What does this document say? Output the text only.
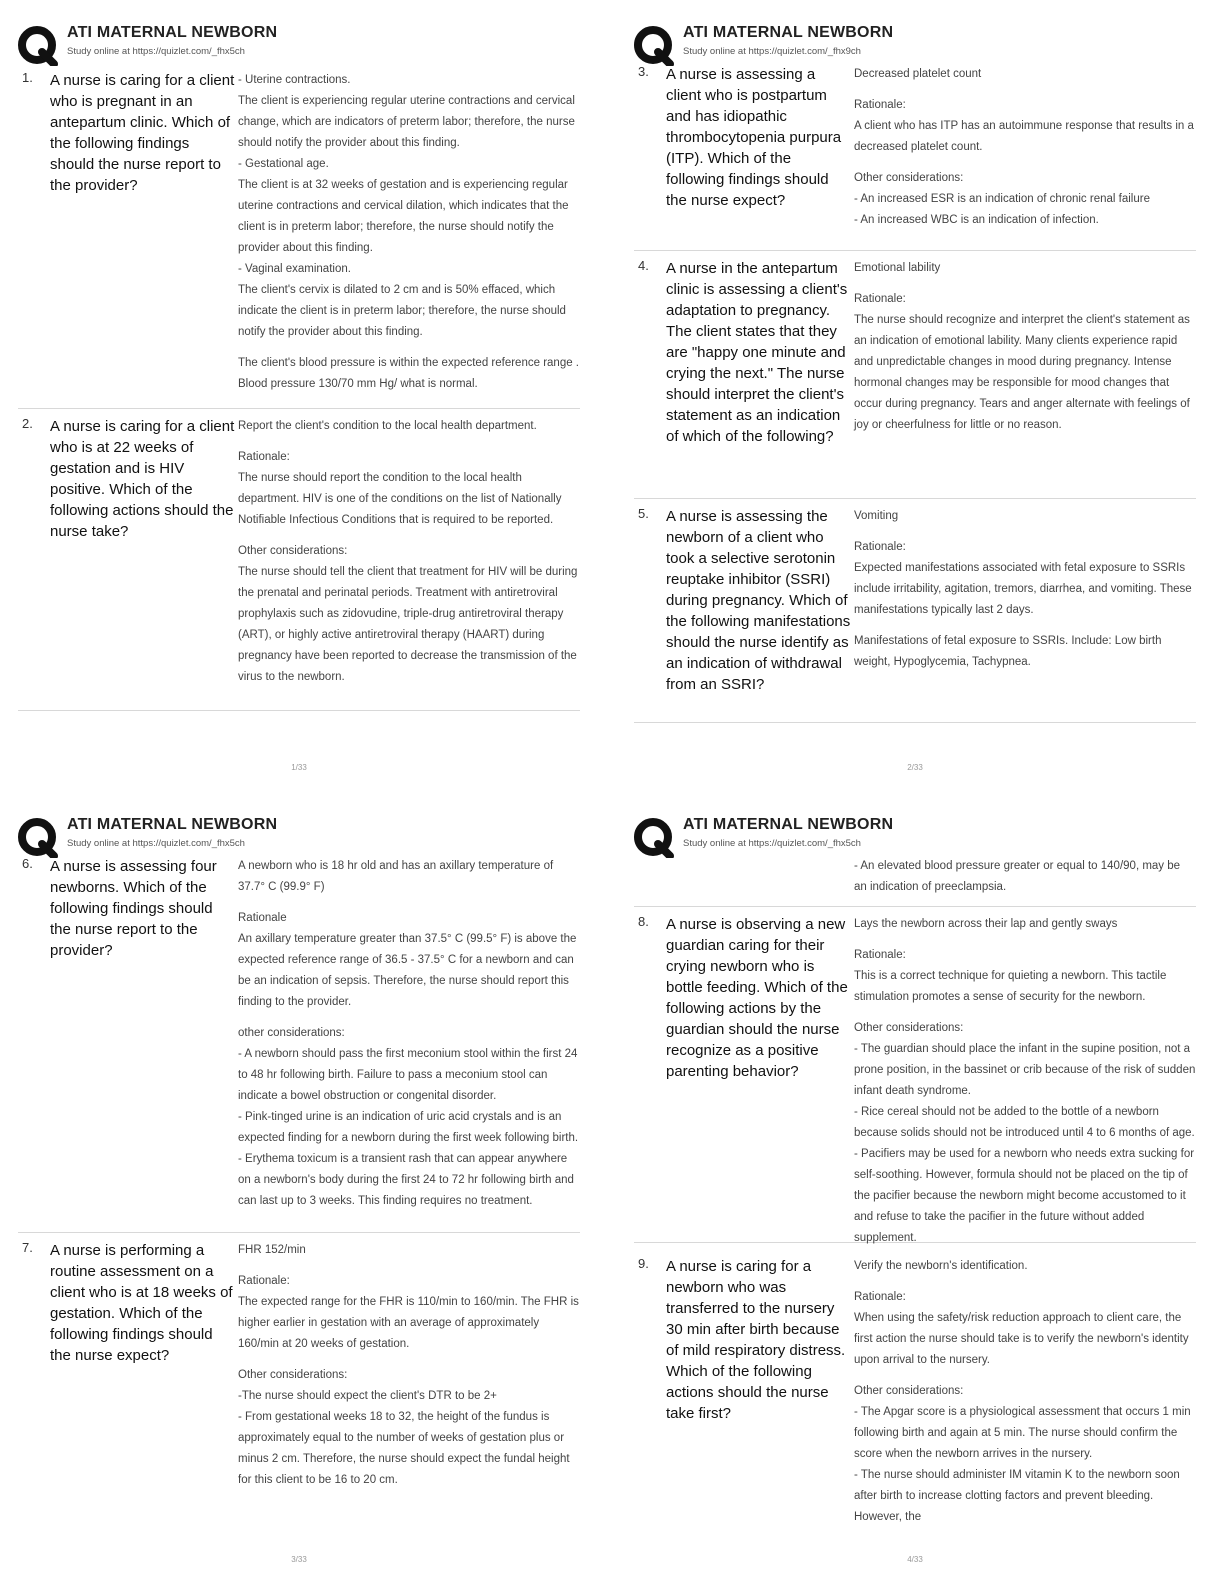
ATI MATERNAL NEWBORN
Study online at https://quizlet.com/_fhx5ch
1. A nurse is caring for a client who is pregnant in an antepartum clinic. Which of the following findings should the nurse report to the provider?
- Uterine contractions.
The client is experiencing regular uterine contractions and cervical change, which are indicators of preterm labor; therefore, the nurse should notify the provider about this finding.
- Gestational age.
The client is at 32 weeks of gestation and is experiencing regular uterine contractions and cervical dilation, which indicates that the client is in preterm labor; therefore, the nurse should notify the provider about this finding.
- Vaginal examination.
The client's cervix is dilated to 2 cm and is 50% effaced, which indicate the client is in preterm labor; therefore, the nurse should notify the provider about this finding.
The client's blood pressure is within the expected reference range . Blood pressure 130/70 mm Hg/ what is normal.
2. A nurse is caring for a client who is at 22 weeks of gestation and is HIV positive. Which of the following actions should the nurse take?
Report the client's condition to the local health department.
Rationale:
The nurse should report the condition to the local health department. HIV is one of the conditions on the list of Nationally Notifiable Infectious Conditions that is required to be reported.
Other considerations:
The nurse should tell the client that treatment for HIV will be during the prenatal and perinatal periods. Treatment with antiretroviral prophylaxis such as zidovudine, triple-drug antiretroviral therapy (ART), or highly active antiretroviral therapy (HAART) during pregnancy have been reported to decrease the transmission of the virus to the newborn.
1/33
ATI MATERNAL NEWBORN
Study online at https://quizlet.com/_fhx9ch
3. A nurse is assessing a client who is postpartum and has idiopathic thrombocytopenia purpura (ITP). Which of the following findings should the nurse expect?
Decreased platelet count
Rationale:
A client who has ITP has an autoimmune response that results in a decreased platelet count.
Other considerations:
- An increased ESR is an indication of chronic renal failure
- An increased WBC is an indication of infection.
4. A nurse in the antepartum clinic is assessing a client's adaptation to pregnancy. The client states that they are "happy one minute and crying the next." The nurse should interpret the client's statement as an indication of which of the following?
Emotional lability
Rationale:
The nurse should recognize and interpret the client's statement as an indication of emotional lability. Many clients experience rapid and unpredictable changes in mood during pregnancy. Intense hormonal changes may be responsible for mood changes that occur during pregnancy. Tears and anger alternate with feelings of joy or cheerfulness for little or no reason.
5. A nurse is assessing the newborn of a client who took a selective serotonin reuptake inhibitor (SSRI) during pregnancy. Which of the following manifestations should the nurse identify as an indication of withdrawal from an SSRI?
Vomiting
Rationale:
Expected manifestations associated with fetal exposure to SSRIs include irritability, agitation, tremors, diarrhea, and vomiting. These manifestations typically last 2 days.
Manifestations of fetal exposure to SSRIs. Include: Low birth weight, Hypoglycemia, Tachypnea.
2/33
ATI MATERNAL NEWBORN
Study online at https://quizlet.com/_fhx5ch
6. A nurse is assessing four newborns. Which of the following findings should the nurse report to the provider?
A newborn who is 18 hr old and has an axillary temperature of 37.7° C (99.9° F)
Rationale
An axillary temperature greater than 37.5° C (99.5° F) is above the expected reference range of 36.5 - 37.5° C for a newborn and can be an indication of sepsis. Therefore, the nurse should report this finding to the provider.
other considerations:
- A newborn should pass the first meconium stool within the first 24 to 48 hr following birth. Failure to pass a meconium stool can indicate a bowel obstruction or congenital disorder.
- Pink-tinged urine is an indication of uric acid crystals and is an expected finding for a newborn during the first week following birth.
- Erythema toxicum is a transient rash that can appear anywhere on a newborn's body during the first 24 to 72 hr following birth and can last up to 3 weeks. This finding requires no treatment.
7. A nurse is performing a routine assessment on a client who is at 18 weeks of gestation. Which of the following findings should the nurse expect?
FHR 152/min
Rationale:
The expected range for the FHR is 110/min to 160/min. The FHR is higher earlier in gestation with an average of approximately 160/min at 20 weeks of gestation.
Other considerations:
-The nurse should expect the client's DTR to be 2+
- From gestational weeks 18 to 32, the height of the fundus is approximately equal to the number of weeks of gestation plus or minus 2 cm. Therefore, the nurse should expect the fundal height for this client to be 16 to 20 cm.
3/33
ATI MATERNAL NEWBORN
Study online at https://quizlet.com/_fhx5ch
- An elevated blood pressure greater or equal to 140/90, may be an indication of preeclampsia.
8. A nurse is observing a new guardian caring for their crying newborn who is bottle feeding. Which of the following actions by the guardian should the nurse recognize as a positive parenting behavior?
Lays the newborn across their lap and gently sways
Rationale:
This is a correct technique for quieting a newborn. This tactile stimulation promotes a sense of security for the newborn.
Other considerations:
- The guardian should place the infant in the supine position, not a prone position, in the bassinet or crib because of the risk of sudden infant death syndrome.
- Rice cereal should not be added to the bottle of a newborn because solids should not be introduced until 4 to 6 months of age.
- Pacifiers may be used for a newborn who needs extra sucking for self-soothing. However, formula should not be placed on the tip of the pacifier because the newborn might become accustomed to it and refuse to take the pacifier in the future without added supplement.
9. A nurse is caring for a newborn who was transferred to the nursery 30 min after birth because of mild respiratory distress. Which of the following actions should the nurse take first?
Verify the newborn's identification.
Rationale:
When using the safety/risk reduction approach to client care, the first action the nurse should take is to verify the newborn's identity upon arrival to the nursery.
Other considerations:
- The Apgar score is a physiological assessment that occurs 1 min following birth and again at 5 min. The nurse should confirm the score when the newborn arrives in the nursery.
- The nurse should administer IM vitamin K to the newborn soon after birth to increase clotting factors and prevent bleeding. However, the
4/33
